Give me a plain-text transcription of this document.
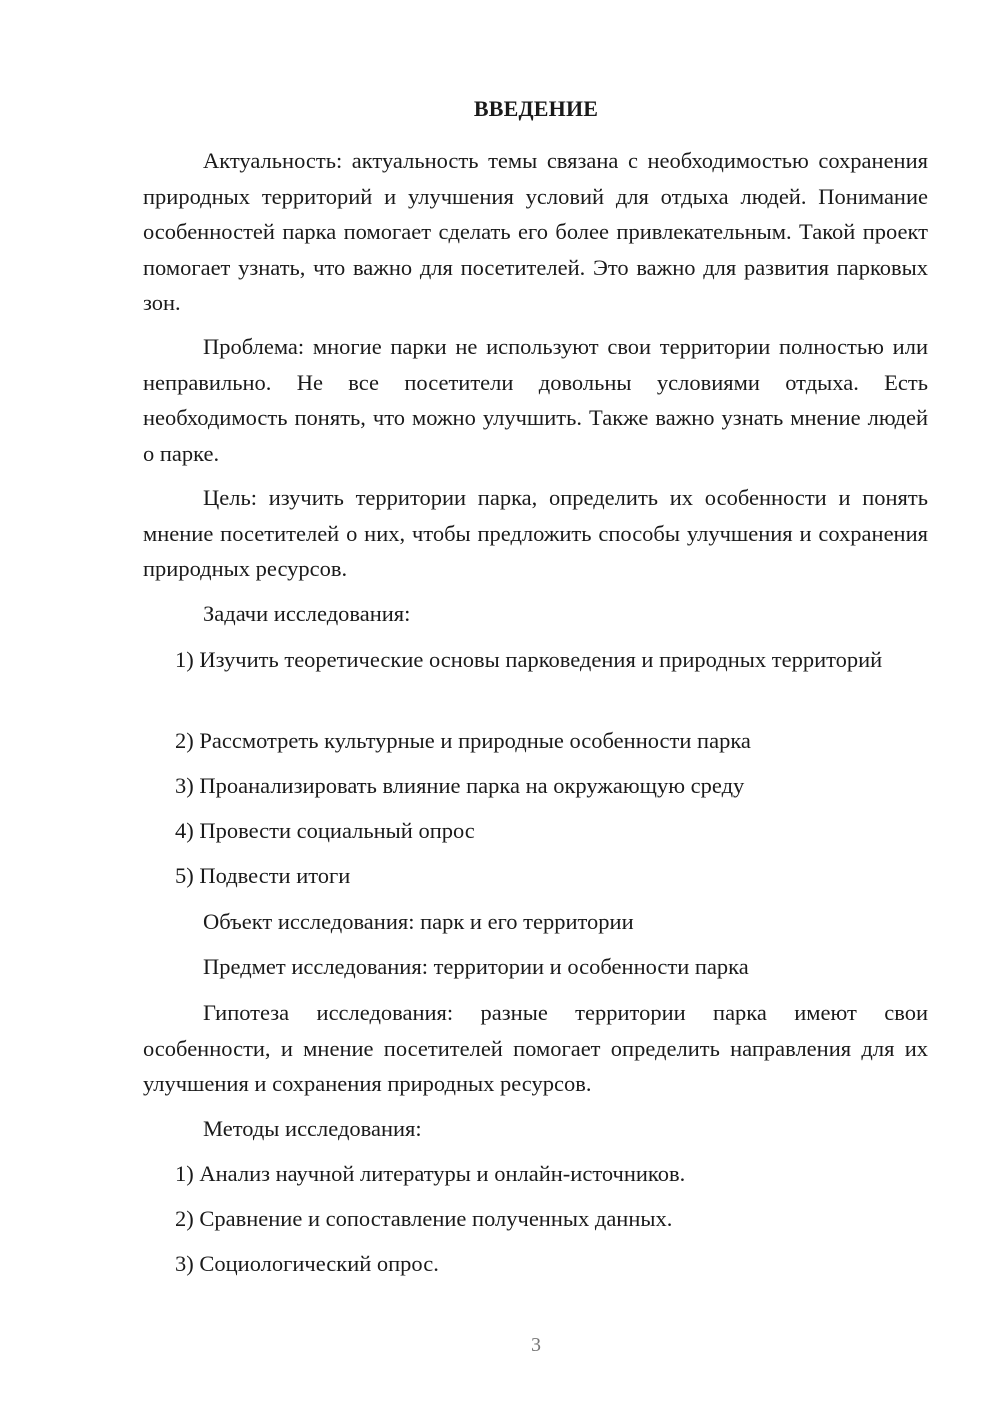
ВВЕДЕНИЕ

Актуальность: актуальность темы связана с необходимостью сохранения природных территорий и улучшения условий для отдыха людей. Понимание особенностей парка помогает сделать его более привлекательным. Такой проект помогает узнать, что важно для посетителей. Это важно для развития парковых зон.

Проблема: многие парки не используют свои территории полностью или неправильно. Не все посетители довольны условиями отдыха. Есть необходимость понять, что можно улучшить. Также важно узнать мнение людей о парке.

Цель: изучить территории парка, определить их особенности и понять мнение посетителей о них, чтобы предложить способы улучшения и сохранения природных ресурсов.

Задачи исследования:

1) Изучить теоретические основы парковедения и природных территорий

2) Рассмотреть культурные и природные особенности парка

3) Проанализировать влияние парка на окружающую среду

4) Провести социальный опрос

5) Подвести итоги

Объект исследования: парк и его территории

Предмет исследования: территории и особенности парка

Гипотеза исследования: разные территории парка имеют свои особенности, и мнение посетителей помогает определить направления для их улучшения и сохранения природных ресурсов.

Методы исследования:

1) Анализ научной литературы и онлайн-источников.

2) Сравнение и сопоставление полученных данных.

3) Социологический опрос.

3
